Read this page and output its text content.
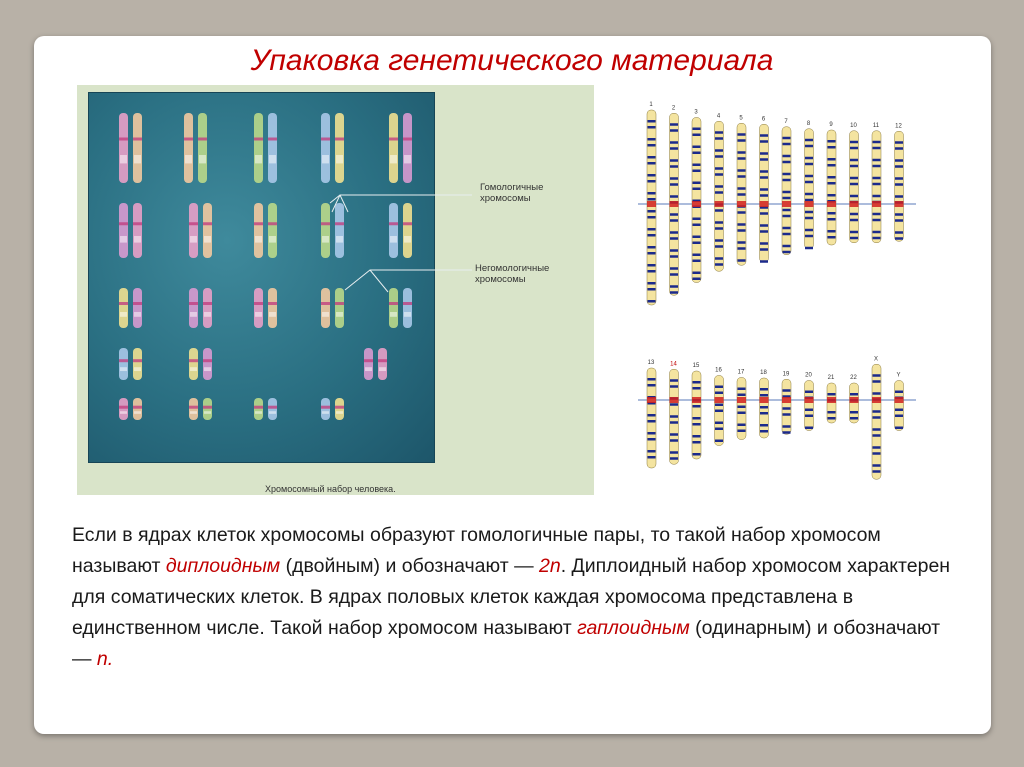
Упаковка генетического материала
Гомологичные
хромосомы
Негомологичные
хромосомы
Хромосомный набор человека.
1
2
3
4	5	6	7	8	9	10	11	12
13	14	15
16	17	18	19	20	21	22
X
Y
Если в ядрах клеток хромосомы образуют гомологичные пары, то такой набор хромосом называют диплоидным (двойным) и обозначают — 2n. Диплоидный набор хромосом характерен для соматических клеток. В ядрах половых клеток каждая хромосома представлена в единственном числе. Такой набор хромосом называют гаплоидным (одинарным) и обозначают — n.
